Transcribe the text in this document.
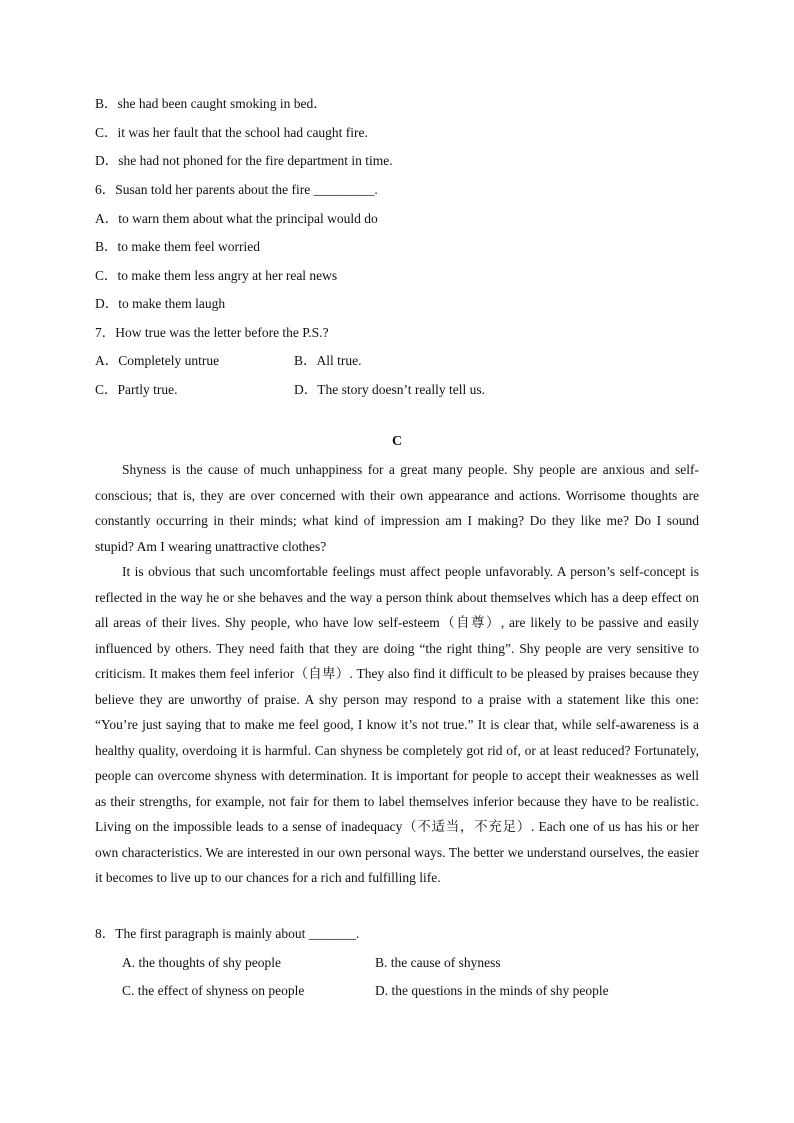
B．she had been caught smoking in bed．
C．it was her fault that the school had caught fire.
D．she had not phoned for the fire department in time.
6．Susan told her parents about the fire _________.
A．to warn them about what the principal would do
B．to make them feel worried
C．to make them less angry at her real news
D．to make them laugh
7．How true was the letter before the P.S.?
A．Completely untrue	B．All true.
C．Partly true.	D．The story doesn’t really tell us.
C

Shyness is the cause of much unhappiness for a great many people. Shy people are anxious and self-conscious; that is, they are over concerned with their own appearance and actions. Worrisome thoughts are constantly occurring in their minds; what kind of impression am I making? Do they like me? Do I sound stupid? Am I wearing unattractive clothes?

It is obvious that such uncomfortable feelings must affect people unfavorably. A person’s self-concept is reflected in the way he or she behaves and the way a person think about themselves which has a deep effect on all areas of their lives. Shy people, who have low self-esteem（自尊）, are likely to be passive and easily influenced by others. They need faith that they are doing “the right thing”. Shy people are very sensitive to criticism. It makes them feel inferior（自卑）. They also find it difficult to be pleased by praises because they believe they are unworthy of praise. A shy person may respond to a praise with a statement like this one: “You’re just saying that to make me feel good, I know it’s not true.” It is clear that, while self-awareness is a healthy quality, overdoing it is harmful. Can shyness be completely got rid of, or at least reduced? Fortunately, people can overcome shyness with determination. It is important for people to accept their weaknesses as well as their strengths, for example, not fair for them to label themselves inferior because they have to be realistic. Living on the impossible leads to a sense of inadequacy（不适当，不充足）. Each one of us has his or her own characteristics. We are interested in our own personal ways. The better we understand ourselves, the easier it becomes to live up to our chances for a rich and fulfilling life.

8．The first paragraph is mainly about _______.
A. the thoughts of shy people	B. the cause of shyness
C. the effect of shyness on people	D. the questions in the minds of shy people
